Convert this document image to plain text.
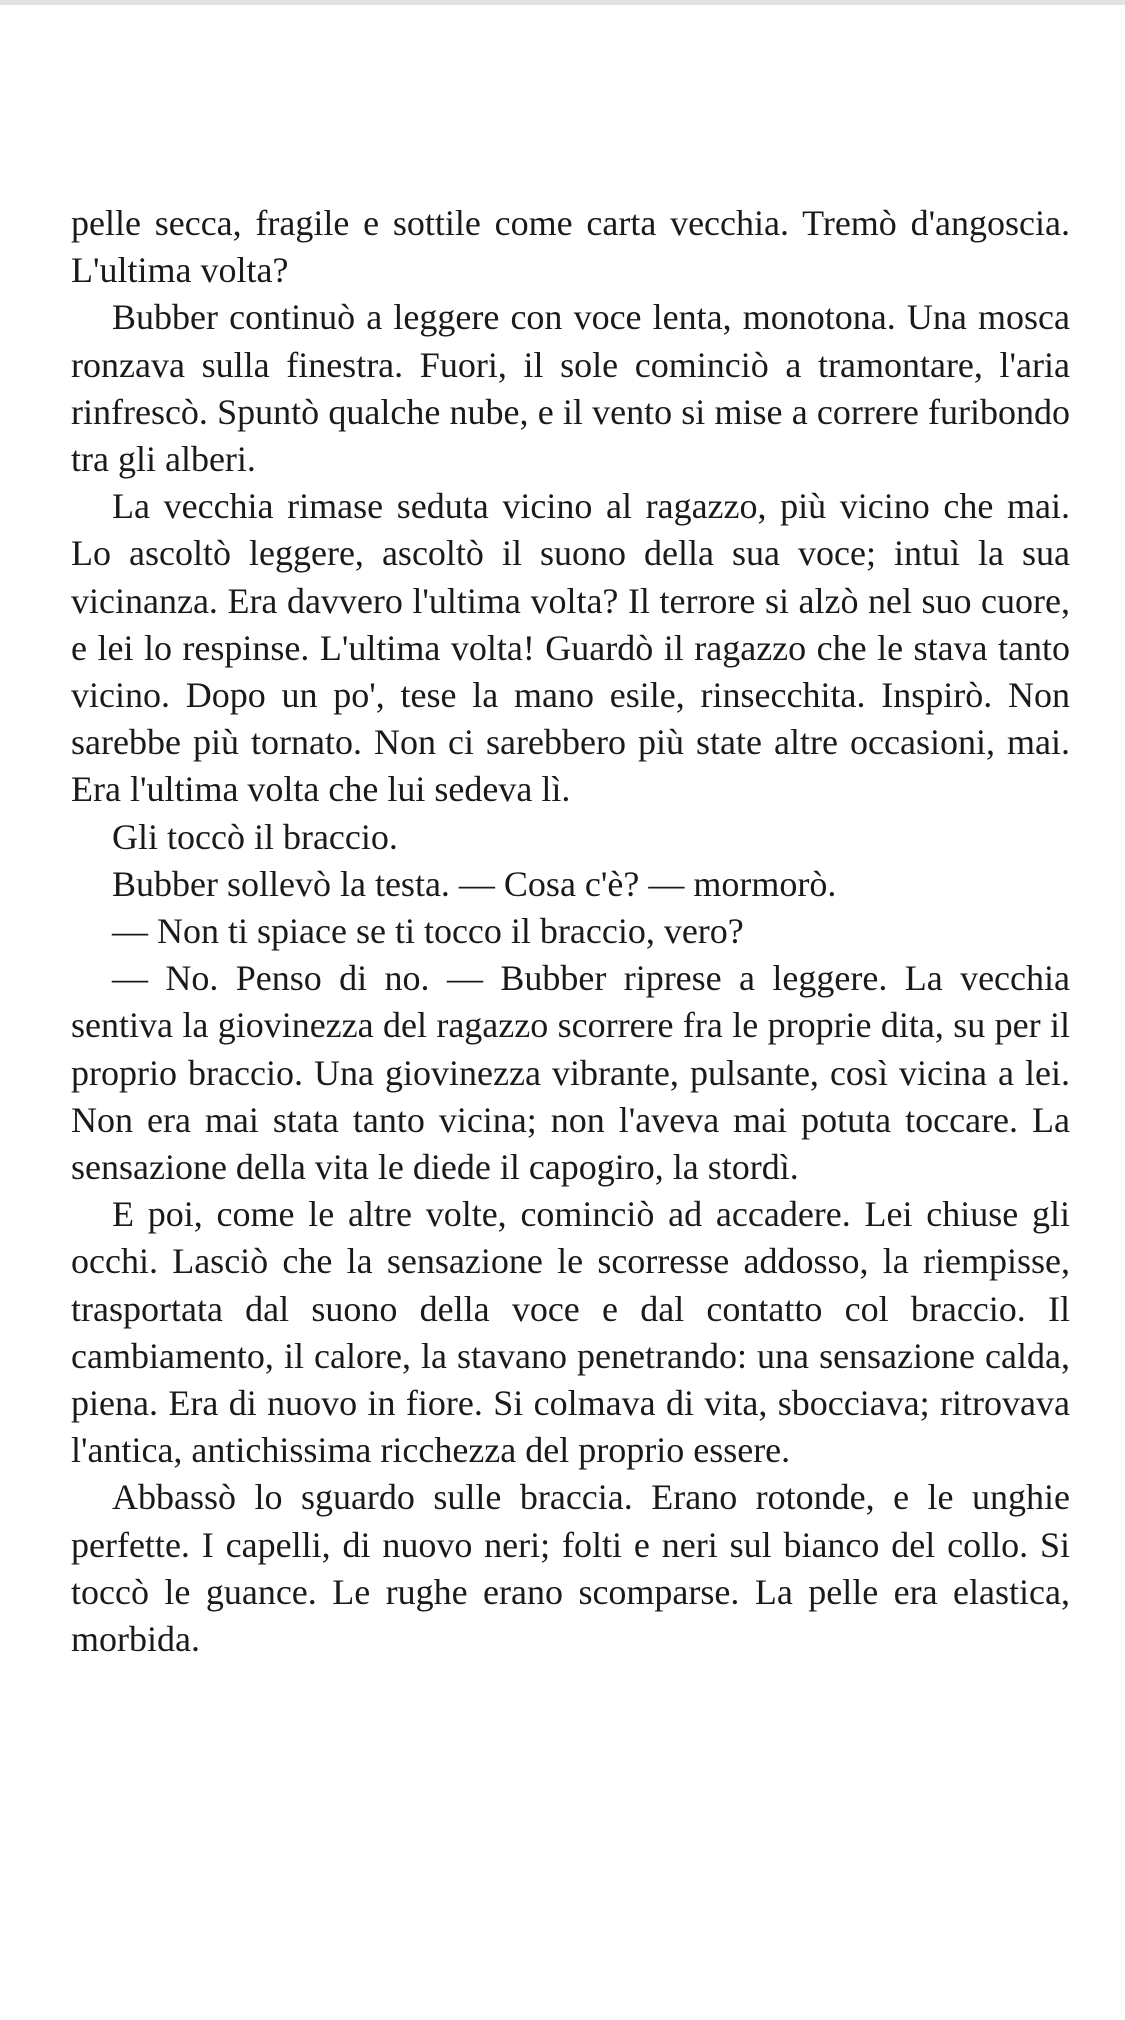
pelle secca, fragile e sottile come carta vecchia. Tremò d'angoscia. L'ultima volta?

Bubber continuò a leggere con voce lenta, monotona. Una mosca ronzava sulla finestra. Fuori, il sole cominciò a tramontare, l'aria rinfrescò. Spuntò qualche nube, e il vento si mise a correre furibondo tra gli alberi.

La vecchia rimase seduta vicino al ragazzo, più vicino che mai. Lo ascoltò leggere, ascoltò il suono della sua voce; intuì la sua vicinanza. Era davvero l'ultima volta? Il terrore si alzò nel suo cuore, e lei lo respinse. L'ultima volta! Guardò il ragazzo che le stava tanto vicino. Dopo un po', tese la mano esile, rinsecchita. Inspirò. Non sarebbe più tornato. Non ci sarebbero più state altre occasioni, mai. Era l'ultima volta che lui sedeva lì.

Gli toccò il braccio.

Bubber sollevò la testa. — Cosa c'è? — mormorò.

— Non ti spiace se ti tocco il braccio, vero?

— No. Penso di no. — Bubber riprese a leggere. La vecchia sentiva la giovinezza del ragazzo scorrere fra le proprie dita, su per il proprio braccio. Una giovinezza vibrante, pulsante, così vicina a lei. Non era mai stata tanto vicina; non l'aveva mai potuta toccare. La sensazione della vita le diede il capogiro, la stordì.

E poi, come le altre volte, cominciò ad accadere. Lei chiuse gli occhi. Lasciò che la sensazione le scorresse addosso, la riempisse, trasportata dal suono della voce e dal contatto col braccio. Il cambiamento, il calore, la stavano penetrando: una sensazione calda, piena. Era di nuovo in fiore. Si colmava di vita, sbocciava; ritrovava l'antica, antichissima ricchezza del proprio essere.

Abbassò lo sguardo sulle braccia. Erano rotonde, e le unghie perfette. I capelli, di nuovo neri; folti e neri sul bianco del collo. Si toccò le guance. Le rughe erano scomparse. La pelle era elastica, morbida.
